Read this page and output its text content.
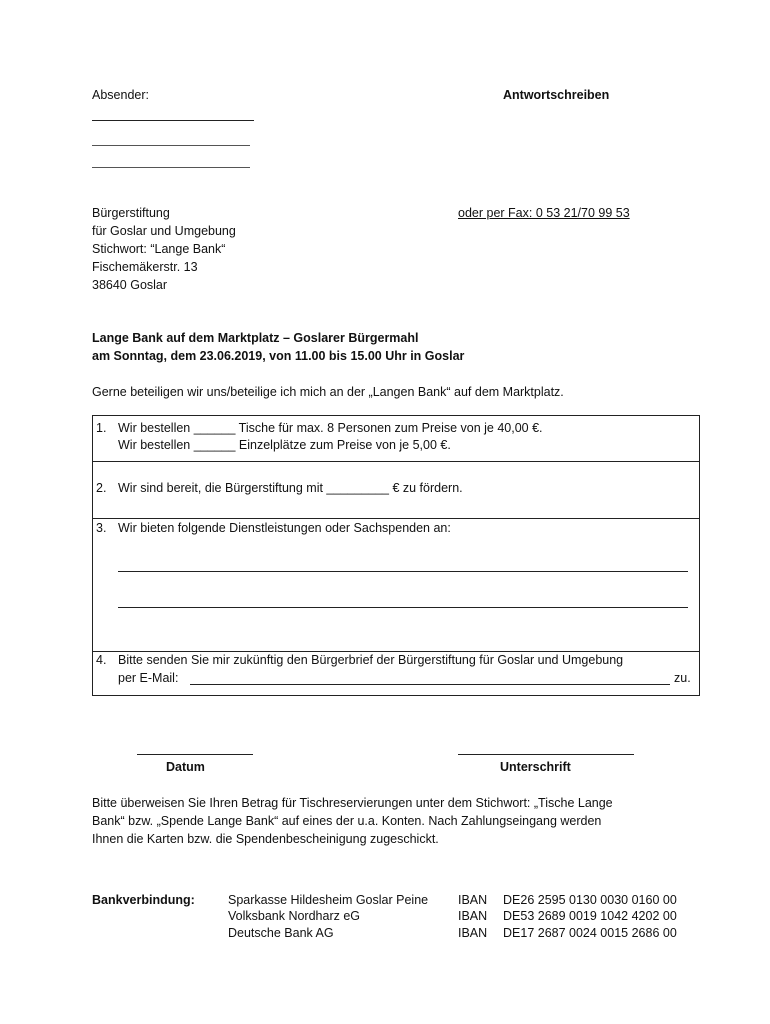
Absender:	Antwortschreiben
Bürgerstiftung
für Goslar und Umgebung
Stichwort: “Lange Bank“
Fischemäkerstr. 13
38640 Goslar
oder per Fax: 0 53 21/70 99 53
Lange Bank auf dem Marktplatz – Goslarer Bürgermahl
am Sonntag, dem 23.06.2019, von 11.00 bis 15.00 Uhr in Goslar
Gerne beteiligen wir uns/beteilige ich mich an der „Langen Bank“ auf dem Marktplatz.
1. Wir bestellen ______ Tische für max. 8 Personen zum Preise von je 40,00 €.
Wir bestellen ______ Einzelplätze zum Preise von je 5,00 €.
2. Wir sind bereit, die Bürgerstiftung mit _________ € zu fördern.
3. Wir bieten folgende Dienstleistungen oder Sachspenden an:
4. Bitte senden Sie mir zukünftig den Bürgerbrief der Bürgerstiftung für Goslar und Umgebung
per E-Mail:	zu.
Datum	Unterschrift
Bitte überweisen Sie Ihren Betrag für Tischreservierungen unter dem Stichwort: „Tische Lange
Bank“ bzw. „Spende Lange Bank“ auf eines der u.a. Konten. Nach Zahlungseingang werden
Ihnen die Karten bzw. die Spendenbescheinigung zugeschickt.
Bankverbindung:	Sparkasse Hildesheim Goslar Peine IBAN DE26 2595 0130 0030 0160 00
Volksbank Nordharz eG	IBAN DE53 2689 0019 1042 4202 00
Deutsche Bank AG	IBAN DE17 2687 0024 0015 2686 00
